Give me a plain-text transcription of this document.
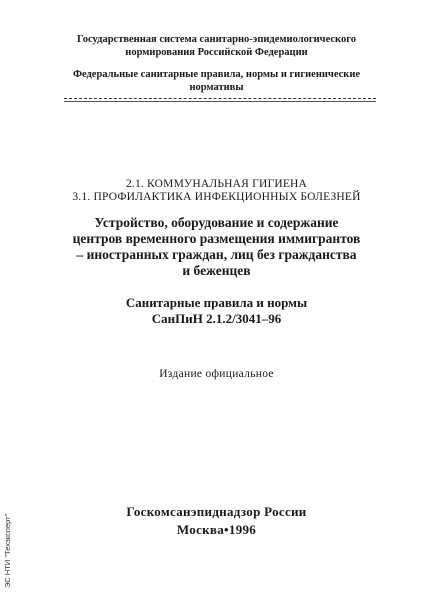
Государственная система санитарно-эпидемиологического
нормирования Российской Федерации
Федеральные санитарные правила, нормы и гигиенические
нормативы
2.1. КОММУНАЛЬНАЯ ГИГИЕНА
3.1. ПРОФИЛАКТИКА ИНФЕКЦИОННЫХ БОЛЕЗНЕЙ
Устройство, оборудование и содержание
центров временного размещения иммигрантов
– иностранных граждан, лиц без гражданства
и беженцев
Санитарные правила и нормы
СанПиН 2.1.2/3041–96
Издание официальное
Госкомсанэпиднадзор России
Москва•1996
ЭС НТИ "Техэксперт"
